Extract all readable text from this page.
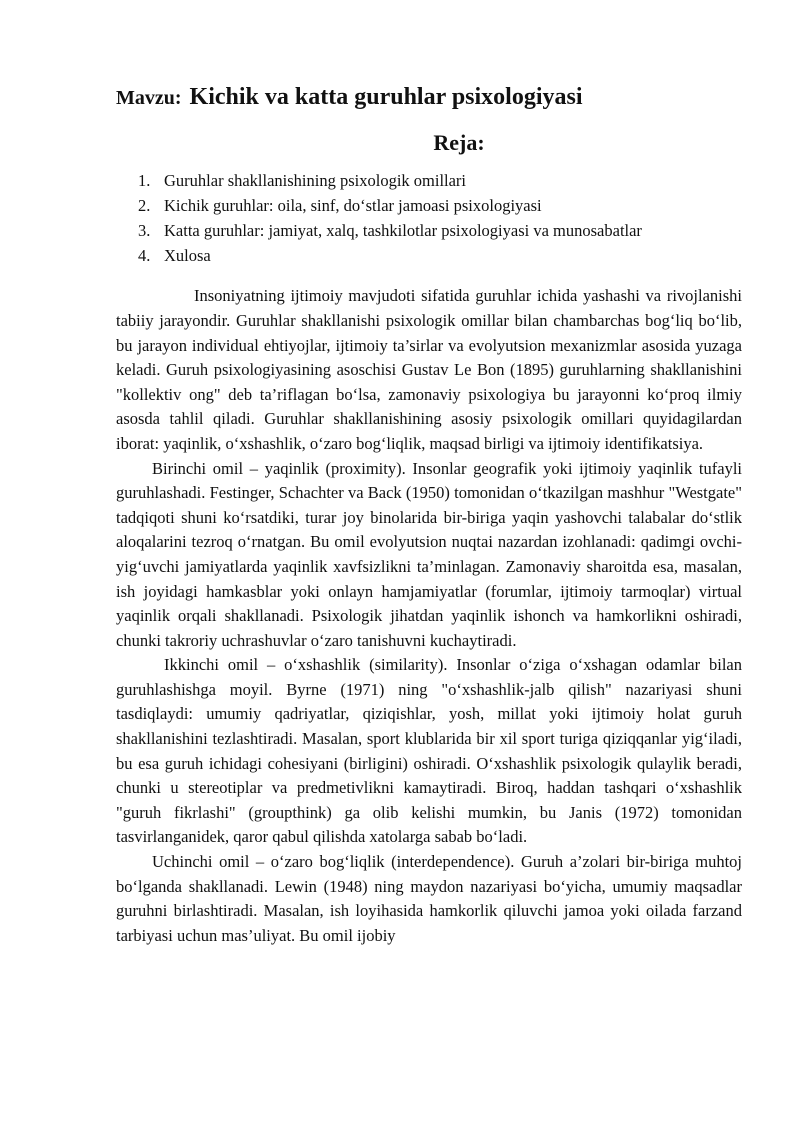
Mavzu: Kichik va katta guruhlar psixologiyasi
Reja:
1. Guruhlar shakllanishining psixologik omillari
2. Kichik guruhlar: oila, sinf, do‘stlar jamoasi psixologiyasi
3. Katta guruhlar: jamiyat, xalq, tashkilotlar psixologiyasi va munosabatlar
4. Xulosa

Insoniyatning ijtimoiy mavjudoti sifatida guruhlar ichida yashashi va rivojlanishi tabiiy jarayondir. Guruhlar shakllanishi psixologik omillar bilan chambarchas bog‘liq bo‘lib, bu jarayon individual ehtiyojlar, ijtimoiy ta’sirlar va evolyutsion mexanizmlar asosida yuzaga keladi. Guruh psixologiyasining asoschisi Gustav Le Bon (1895) guruhlarning shakllanishini "kollektiv ong" deb ta’riflagan bo‘lsa, zamonaviy psixologiya bu jarayonni ko‘proq ilmiy asosda tahlil qiladi. Guruhlar shakllanishining asosiy psixologik omillari quyidagilardan iborat: yaqinlik, o‘xshashlik, o‘zaro bog‘liqlik, maqsad birligi va ijtimoiy identifikatsiya.

Birinchi omil – yaqinlik (proximity). Insonlar geografik yoki ijtimoiy yaqinlik tufayli guruhlashadi. Festinger, Schachter va Back (1950) tomonidan o‘tkazilgan mashhur "Westgate" tadqiqoti shuni ko‘rsatdiki, turar joy binolarida bir-biriga yaqin yashovchi talabalar do‘stlik aloqalarini tezroq o‘rnatgan. Bu omil evolyutsion nuqtai nazardan izohlanadi: qadimgi ovchi-yig‘uvchi jamiyatlarda yaqinlik xavfsizlikni ta’minlagan. Zamonaviy sharoitda esa, masalan, ish joyidagi hamkasblar yoki onlayn hamjamiyatlar (forumlar, ijtimoiy tarmoqlar) virtual yaqinlik orqali shakllanadi. Psixologik jihatdan yaqinlik ishonch va hamkorlikni oshiradi, chunki takroriy uchrashuvlar o‘zaro tanishuvni kuchaytiradi.

Ikkinchi omil – o‘xshashlik (similarity). Insonlar o‘ziga o‘xshagan odamlar bilan guruhlashishga moyil. Byrne (1971) ning "o‘xshashlik-jalb qilish" nazariyasi shuni tasdiqlaydi: umumiy qadriyatlar, qiziqishlar, yosh, millat yoki ijtimoiy holat guruh shakllanishini tezlashtiradi. Masalan, sport klublarida bir xil sport turiga qiziqqanlar yig‘iladi, bu esa guruh ichidagi cohesiyani (birligini) oshiradi. O‘xshashlik psixologik qulaylik beradi, chunki u stereotiplar va predmetivlikni kamaytiradi. Biroq, haddan tashqari o‘xshashlik "guruh fikrlashi" (groupthink) ga olib kelishi mumkin, bu Janis (1972) tomonidan tasvirlanganidek, qaror qabul qilishda xatolarga sabab bo‘ladi.

Uchinchi omil – o‘zaro bog‘liqlik (interdependence). Guruh a’zolari bir-biriga muhtoj bo‘lganda shakllanadi. Lewin (1948) ning maydon nazariyasi bo‘yicha, umumiy maqsadlar guruhni birlashtiradi. Masalan, ish loyihasida hamkorlik qiluvchi jamoa yoki oilada farzand tarbiyasi uchun mas’uliyat. Bu omil ijobiy
